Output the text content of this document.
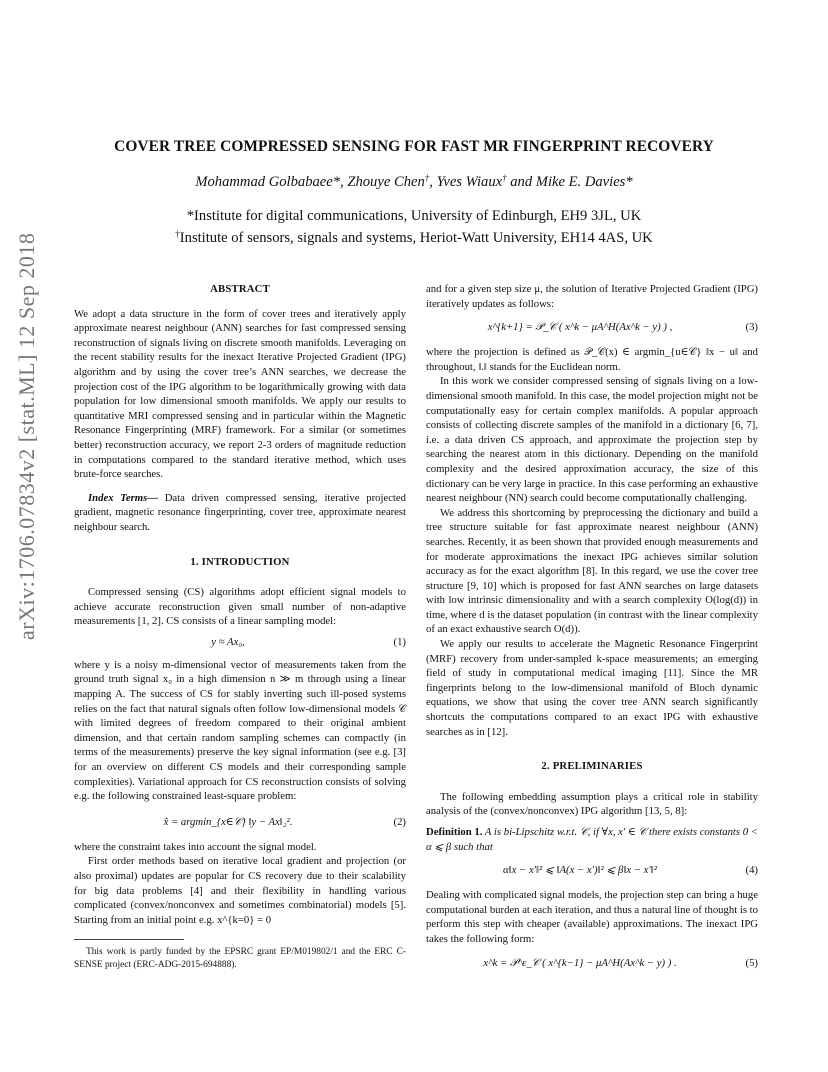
arXiv:1706.07834v2 [stat.ML] 12 Sep 2018
COVER TREE COMPRESSED SENSING FOR FAST MR FINGERPRINT RECOVERY
Mohammad Golbabaee*, Zhouye Chen†, Yves Wiaux† and Mike E. Davies*
*Institute for digital communications, University of Edinburgh, EH9 3JL, UK
†Institute of sensors, signals and systems, Heriot-Watt University, EH14 4AS, UK
ABSTRACT

We adopt a data structure in the form of cover trees and iteratively apply approximate nearest neighbour (ANN) searches for fast compressed sensing reconstruction of signals living on discrete smooth manifolds. Leveraging on the recent stability results for the inexact Iterative Projected Gradient (IPG) algorithm and by using the cover tree’s ANN searches, we decrease the projection cost of the IPG algorithm to be logarithmically growing with data population for low dimensional smooth manifolds. We apply our results to quantitative MRI compressed sensing and in particular within the Magnetic Resonance Fingerprinting (MRF) framework. For a similar (or sometimes better) reconstruction accuracy, we report 2-3 orders of magnitude reduction in computations compared to the standard iterative method, which uses brute-force searches.

Index Terms— Data driven compressed sensing, iterative projected gradient, magnetic resonance fingerprinting, cover tree, approximate nearest neighbour search.

1. INTRODUCTION

Compressed sensing (CS) algorithms adopt efficient signal models to achieve accurate reconstruction given small number of non-adaptive measurements [1, 2]. CS consists of a linear sampling model:

y ≈ Ax₀,	(1)

where y is a noisy m-dimensional vector of measurements taken from the ground truth signal x₀ in a high dimension n ≫ m through using a linear mapping A. The success of CS for stably inverting such ill-posed systems relies on the fact that natural signals often follow low-dimensional models 𝒞 with limited degrees of freedom compared to their original ambient dimension, and that certain random sampling schemes can compactly (in terms of the measurements) preserve the key signal information (see e.g. [3] for an overview on different CS models and their corresponding sample complexities). Variational approach for CS reconstruction consists of solving e.g. the following constrained least-square problem:

x̂ = argmin_{x∈𝒞} ‖y − Ax‖₂².	(2)

where the constraint takes into account the signal model.

First order methods based on iterative local gradient and projection (or also proximal) updates are popular for CS recovery due to their scalability for big data problems [4] and their flexibility in handling various complicated (convex/nonconvex and sometimes combinatorial) models [5]. Starting from an initial point e.g. x^{k=0} = 0

This work is partly funded by the EPSRC grant EP/M019802/1 and the ERC C-SENSE project (ERC-ADG-2015-694888).

and for a given step size μ, the solution of Iterative Projected Gradient (IPG) iteratively updates as follows:

x^{k+1} = 𝒫_𝒞 ( x^k − μA^H(Ax^k − y) ) ,	(3)

where the projection is defined as 𝒫_𝒞(x) ∈ argmin_{u∈𝒞} ‖x − u‖ and throughout, ‖.‖ stands for the Euclidean norm.

In this work we consider compressed sensing of signals living on a low-dimensional smooth manifold. In this case, the model projection might not be computationally easy for certain complex manifolds. A popular approach consists of collecting discrete samples of the manifold in a dictionary [6, 7], i.e. a data driven CS approach, and approximate the projection step by searching the nearest atom in this dictionary. Depending on the manifold complexity and the desired approximation accuracy, the size of this dictionary can be very large in practice. In this case performing an exhaustive nearest neighbour (NN) search could become computationally challenging.

We address this shortcoming by preprocessing the dictionary and build a tree structure suitable for fast approximate nearest neighbour (ANN) searches. Recently, it as been shown that provided enough measurements and for moderate approximations the inexact IPG achieves similar solution accuracy as for the exact algorithm [8]. In this regard, we use the cover tree structure [9, 10] which is proposed for fast ANN searches on large datasets with low intrinsic dimensionality and with a search complexity O(log(d)) in time, where d is the dataset population (in contrast with the linear complexity of an exact exhaustive search O(d)).

We apply our results to accelerate the Magnetic Resonance Fingerprint (MRF) recovery from under-sampled k-space measurements; an emerging field of study in computational medical imaging [11]. Since the MR fingerprints belong to the low-dimensional manifold of Bloch dynamic equations, we show that using the cover tree ANN search significantly shortcuts the computations compared to an exact IPG with exhaustive searches as in [12].

2. PRELIMINARIES

The following embedding assumption plays a critical role in stability analysis of the (convex/nonconvex) IPG algorithm [13, 5, 8]:

Definition 1. A is bi-Lipschitz w.r.t. 𝒞, if ∀x, x′ ∈ 𝒞 there exists constants 0 < α ⩽ β such that

α‖x − x′‖² ⩽ ‖A(x − x′)‖² ⩽ β‖x − x′‖²	(4)

Dealing with complicated signal models, the projection step can bring a huge computational burden at each iteration, and thus a natural line of thought is to perform this step with cheaper (available) approximations. The inexact IPG takes the following form:

x^k = 𝒫^ε_𝒞 ( x^{k−1} − μA^H(Ax^k − y) ) .	(5)
